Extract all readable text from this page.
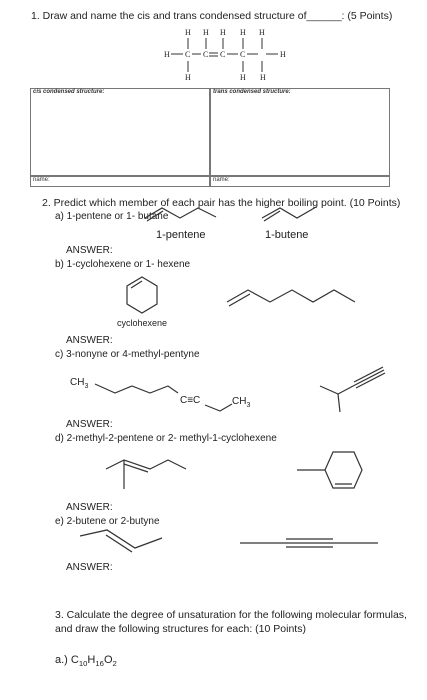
1. Draw and name the cis and trans condensed structure of______: (5 Points)
H H H H H
H C C C C	H
H	H H
cis condensed structure:	trans condensed structure:
name:	name:
2. Predict which member of each pair has the higher boiling point. (10 Points)
a) 1-pentene or 1- butane
1-pentene	1-butene
ANSWER:
b) 1-cyclohexene or 1- hexene
cyclohexene
ANSWER:
c) 3-nonyne or 4-methyl-pentyne
$CH_3$
C≡C	$CH_3$
ANSWER:
d) 2-methyl-2-pentene or 2- methyl-1-cyclohexene
ANSWER:
e) 2-butene or 2-butyne
ANSWER:
3. Calculate the degree of unsaturation for the following molecular formulas,
and draw the following structures for each: (10 Points)
a.) $C_{10}H_{16}O_2$
